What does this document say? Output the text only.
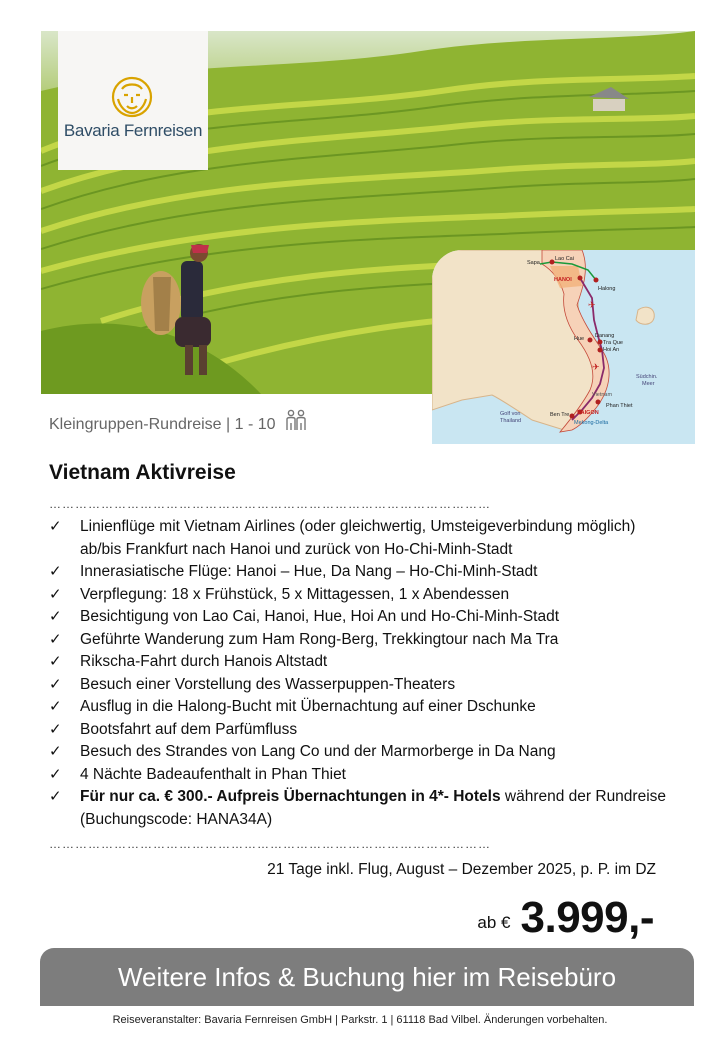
Bavaria Fernreisen
Sapa
Lao Cai
HANOI
Halong
Hue Danang
Tra Que
Hoi An
Vietnam
Phan Thiet
Ben Tre SAIGON
Mekong-Delta
Golf von
Thailand
Südchin.
Meer
✈
✈
Kleingruppen-Rundreise | 1 - 10
Vietnam Aktivreise
…………………………………………………………………………………………
✓ Linienflüge mit Vietnam Airlines (oder gleichwertig, Umsteigeverbindung möglich) ab/bis Frankfurt nach Hanoi und zurück von Ho-Chi-Minh-Stadt
✓ Innerasiatische Flüge: Hanoi – Hue, Da Nang – Ho-Chi-Minh-Stadt
✓ Verpflegung: 18 x Frühstück, 5 x Mittagessen, 1 x Abendessen
✓ Besichtigung von Lao Cai, Hanoi, Hue, Hoi An und Ho-Chi-Minh-Stadt
✓ Geführte Wanderung zum Ham Rong-Berg, Trekkingtour nach Ma Tra
✓ Rikscha-Fahrt durch Hanois Altstadt
✓ Besuch einer Vorstellung des Wasserpuppen-Theaters
✓ Ausflug in die Halong-Bucht mit Übernachtung auf einer Dschunke
✓ Bootsfahrt auf dem Parfümfluss
✓ Besuch des Strandes von Lang Co und der Marmorberge in Da Nang
✓ 4 Nächte Badeaufenthalt in Phan Thiet
✓ Für nur ca. € 300.- Aufpreis Übernachtungen in 4*- Hotels während der Rundreise (Buchungscode: HANA34A)
…………………………………………………………………………………………
21 Tage inkl. Flug, August – Dezember 2025, p. P. im DZ
ab € 3.999,-
Weitere Infos & Buchung hier im Reisebüro
Reiseveranstalter: Bavaria Fernreisen GmbH | Parkstr. 1 | 61118 Bad Vilbel. Änderungen vorbehalten.
